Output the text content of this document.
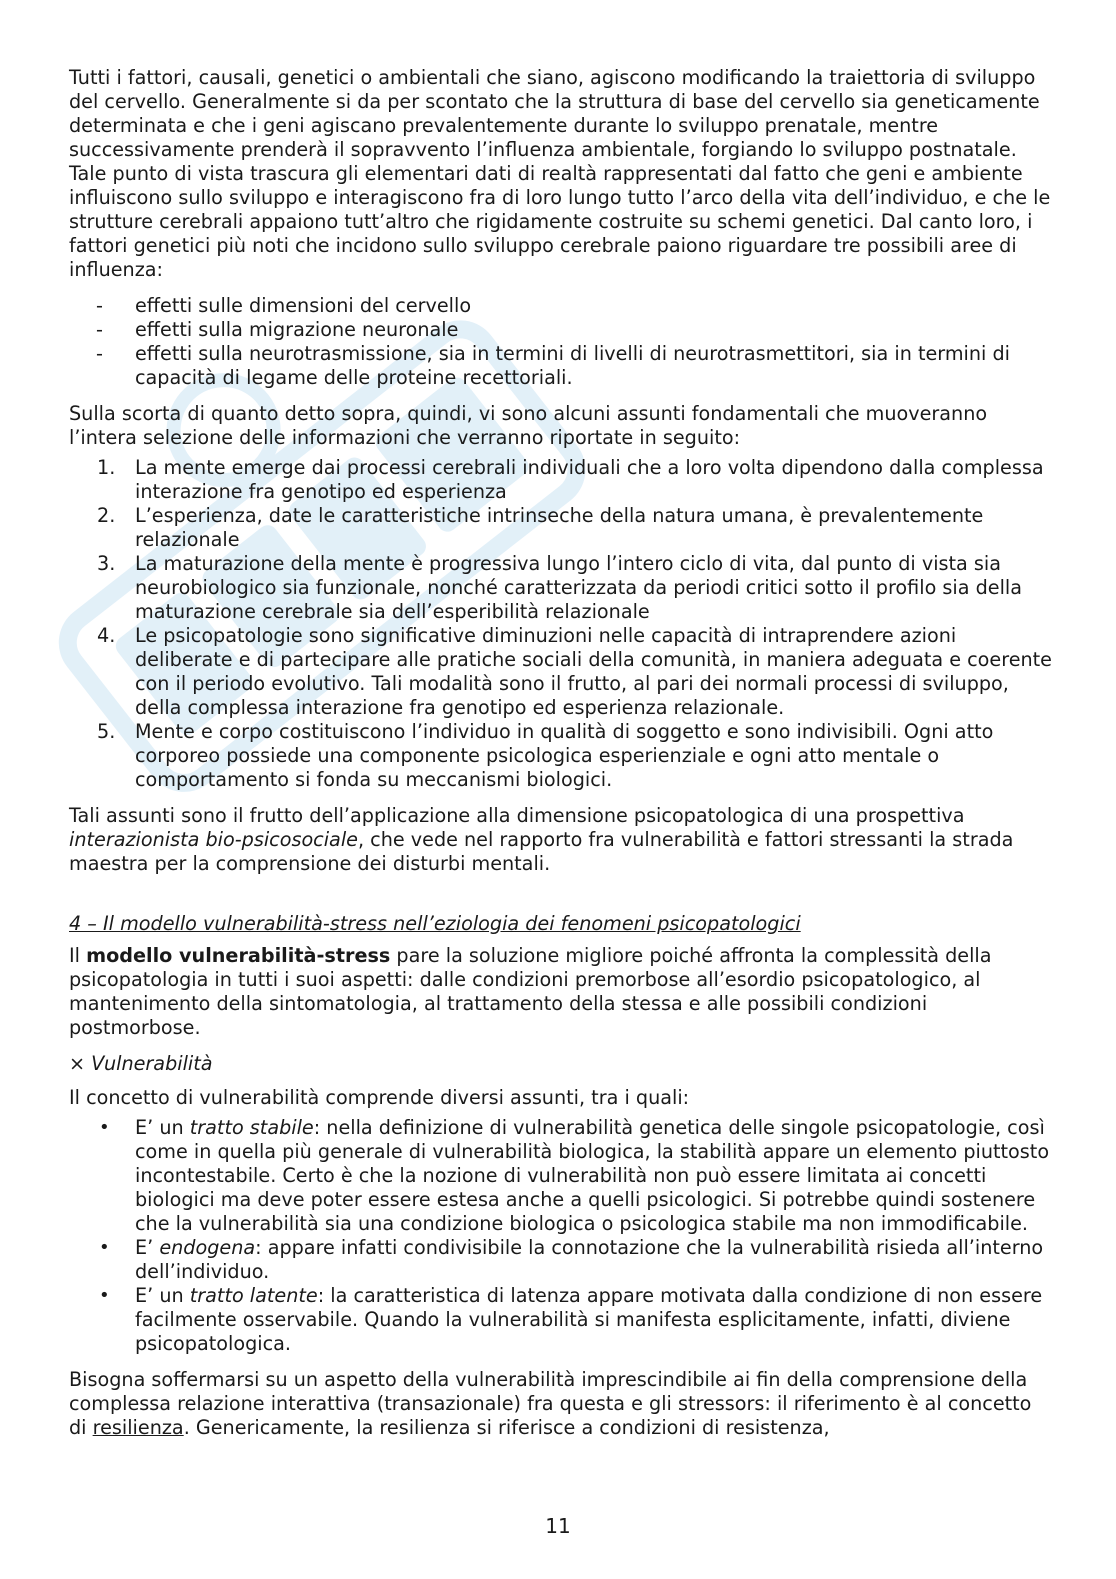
Tutti i fattori, causali, genetici o ambientali che siano, agiscono modificando la traiettoria di sviluppo del cervello. Generalmente si da per scontato che la struttura di base del cervello sia geneticamente determinata e che i geni agiscano prevalentemente durante lo sviluppo prenatale, mentre successivamente prenderà il sopravvento l’influenza ambientale, forgiando lo sviluppo postnatale. Tale punto di vista trascura gli elementari dati di realtà rappresentati dal fatto che geni e ambiente influiscono sullo sviluppo e interagiscono fra di loro lungo tutto l’arco della vita dell’individuo, e che le strutture cerebrali appaiono tutt’altro che rigidamente costruite su schemi genetici. Dal canto loro, i fattori genetici più noti che incidono sullo sviluppo cerebrale paiono riguardare tre possibili aree di influenza:

-	effetti sulle dimensioni del cervello
-	effetti sulla migrazione neuronale
-	effetti sulla neurotrasmissione, sia in termini di livelli di neurotrasmettitori, sia in termini di capacità di legame delle proteine recettoriali.

Sulla scorta di quanto detto sopra, quindi, vi sono alcuni assunti fondamentali che muoveranno l’intera selezione delle informazioni che verranno riportate in seguito:

1.	La mente emerge dai processi cerebrali individuali che a loro volta dipendono dalla complessa interazione fra genotipo ed esperienza
2.	L’esperienza, date le caratteristiche intrinseche della natura umana, è prevalentemente relazionale
3.	La maturazione della mente è progressiva lungo l’intero ciclo di vita, dal punto di vista sia neurobiologico sia funzionale, nonché caratterizzata da periodi critici sotto il profilo sia della maturazione cerebrale sia dell’esperibilità relazionale
4.	Le psicopatologie sono significative diminuzioni nelle capacità di intraprendere azioni deliberate e di partecipare alle pratiche sociali della comunità, in maniera adeguata e coerente con il periodo evolutivo. Tali modalità sono il frutto, al pari dei normali processi di sviluppo, della complessa interazione fra genotipo ed esperienza relazionale.
5.	Mente e corpo costituiscono l’individuo in qualità di soggetto e sono indivisibili. Ogni atto corporeo possiede una componente psicologica esperienziale e ogni atto mentale o comportamento si fonda su meccanismi biologici.

Tali assunti sono il frutto dell’applicazione alla dimensione psicopatologica di una prospettiva interazionista bio-psicosociale, che vede nel rapporto fra vulnerabilità e fattori stressanti la strada maestra per la comprensione dei disturbi mentali.

4 – Il modello vulnerabilità-stress nell’eziologia dei fenomeni psicopatologici

Il modello vulnerabilità-stress pare la soluzione migliore poiché affronta la complessità della psicopatologia in tutti i suoi aspetti: dalle condizioni premorbose all’esordio psicopatologico, al mantenimento della sintomatologia, al trattamento della stessa e alle possibili condizioni postmorbose.

⨯ Vulnerabilità

Il concetto di vulnerabilità comprende diversi assunti, tra i quali:

•	E’ un tratto stabile: nella definizione di vulnerabilità genetica delle singole psicopatologie, così come in quella più generale di vulnerabilità biologica, la stabilità appare un elemento piuttosto incontestabile. Certo è che la nozione di vulnerabilità non può essere limitata ai concetti biologici ma deve poter essere estesa anche a quelli psicologici. Si potrebbe quindi sostenere che la vulnerabilità sia una condizione biologica o psicologica stabile ma non immodificabile.
•	E’ endogena: appare infatti condivisibile la connotazione che la vulnerabilità risieda all’interno dell’individuo.
•	E’ un tratto latente: la caratteristica di latenza appare motivata dalla condizione di non essere facilmente osservabile. Quando la vulnerabilità si manifesta esplicitamente, infatti, diviene psicopatologica.

Bisogna soffermarsi su un aspetto della vulnerabilità imprescindibile ai fin della comprensione della complessa relazione interattiva (transazionale) fra questa e gli stressors: il riferimento è al concetto di resilienza. Genericamente, la resilienza si riferisce a condizioni di resistenza,

11
